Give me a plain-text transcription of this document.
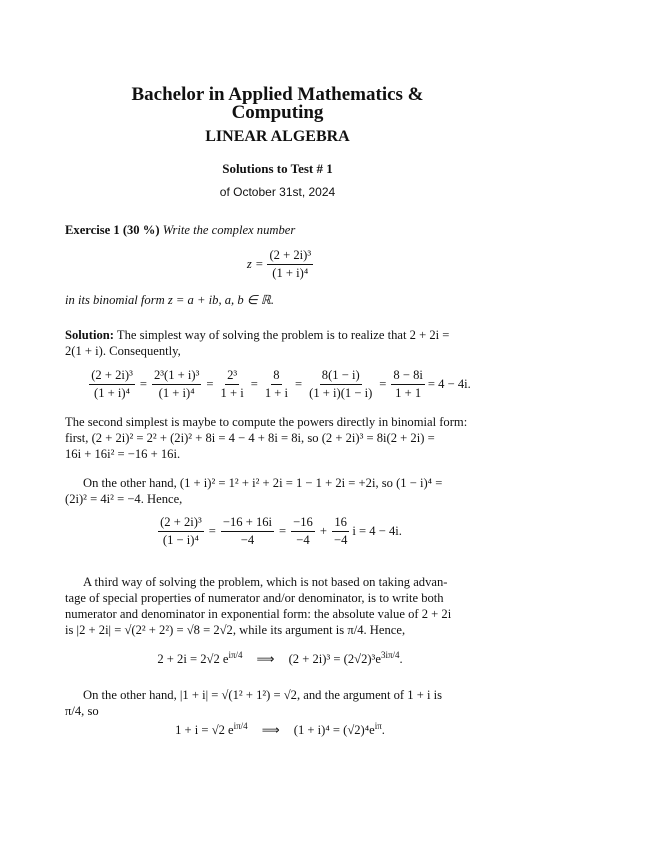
Bachelor in Applied Mathematics &
Computing
LINEAR ALGEBRA
Solutions to Test # 1
of October 31st, 2024
Exercise 1 (30 %) Write the complex number
$z = \frac{\text{(2 + 2i)³}}{\text{(1 + i)⁴}}$
in its binomial form z = a + ib, a, b ∈ ℝ.
Solution: The simplest way of solving the problem is to realize that 2 + 2i =
2(1 + i). Consequently,
$\frac{\text{(2 + 2i)³}}{\text{(1 + i)⁴}} = \frac{\text{2³(1 + i)³}}{\text{(1 + i)⁴}} = \frac{\text{2³}}{1 + i} = \frac{8}{1 + i} = \frac{8(1 - i)}{(1 + i)(1 - i)} = \frac{8 - 8i}{1 + 1} = 4 - 4i$.
The second simplest is maybe to compute the powers directly in binomial form:
first, (2 + 2i)² = 2² + (2i)² + 8i = 4 − 4 + 8i = 8i, so (2 + 2i)³ = 8i(2 + 2i) =
16i + 16i² = −16 + 16i.
On the other hand, (1 + i)² = 1² + i² + 2i = 1 − 1 + 2i = +2i, so (1 − i)⁴ =
(2i)² = 4i² = −4. Hence,
$\frac{\text{(2 + 2i)³}}{\text{(1 − i)⁴}} = \frac{-16 + 16i}{-4} = \frac{-16}{-4} + \frac{16}{-4}$ i = 4 − 4i.
A third way of solving the problem, which is not based on taking advan-
tage of special properties of numerator and/or denominator, is to write both
numerator and denominator in exponential form: the absolute value of 2 + 2i
is |2 + 2i| = √(2² + 2²) = √8 = 2√2, while its argument is π/4. Hence,
2 + 2i = 2√2 $e^{i\pi/4}$	⟹	$(2 + 2i)^3 = (2√2)^3e^{3i\pi/4}$.
On the other hand, |1 + i| = √(1² + 1²) = √2, and the argument of 1 + i is
π/4, so
1 + i = √2 $e^{i\pi/4}$	⟹	$(1 + i)^4 = (√2)^4e^{i\pi}$.
